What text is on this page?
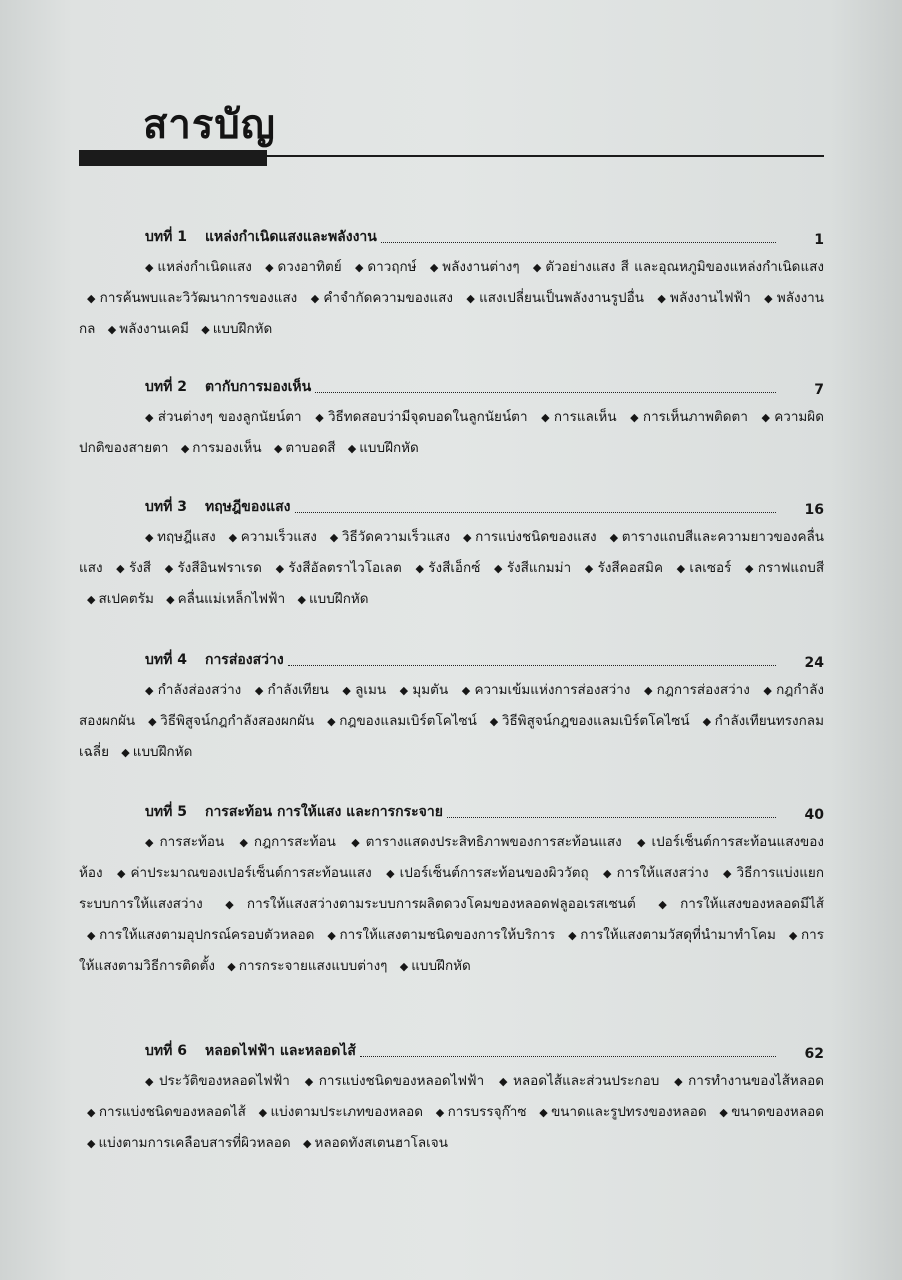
สารบัญ
บทที่ 1 แหล่งกำเนิดแสงและพลังงาน	1
◆ แหล่งกำเนิดแสง ◆ ดวงอาทิตย์ ◆ ดาวฤกษ์ ◆ พลังงานต่างๆ ◆ ตัวอย่างแสง สี และอุณหภูมิของแหล่งกำเนิดแสง ◆ การค้นพบและวิวัฒนาการของแสง ◆ คำจำกัดความของแสง ◆ แสงเปลี่ยนเป็นพลังงานรูปอื่น ◆ พลังงานไฟฟ้า ◆ พลังงานกล ◆ พลังงานเคมี ◆ แบบฝึกหัด
บทที่ 2 ตากับการมองเห็น	7
◆ ส่วนต่างๆ ของลูกนัยน์ตา ◆ วิธีทดสอบว่ามีจุดบอดในลูกนัยน์ตา ◆ การแลเห็น ◆ การเห็นภาพติดตา ◆ ความผิดปกติของสายตา ◆ การมองเห็น ◆ ตาบอดสี ◆ แบบฝึกหัด
บทที่ 3 ทฤษฎีของแสง	16
◆ ทฤษฎีแสง ◆ ความเร็วแสง ◆ วิธีวัดความเร็วแสง ◆ การแบ่งชนิดของแสง ◆ ตารางแถบสีและความยาวของคลื่นแสง ◆ รังสี ◆ รังสีอินฟราเรด ◆ รังสีอัลตราไวโอเลต ◆ รังสีเอ็กซ์ ◆ รังสีแกมม่า ◆ รังสีคอสมิค ◆ เลเซอร์ ◆ กราฟแถบสี ◆ สเปคตรัม ◆ คลื่นแม่เหล็กไฟฟ้า ◆ แบบฝึกหัด
บทที่ 4 การส่องสว่าง	24
◆ กำลังส่องสว่าง ◆ กำลังเทียน ◆ ลูเมน ◆ มุมตัน ◆ ความเข้มแห่งการส่องสว่าง ◆ กฎการส่องสว่าง ◆ กฎกำลังสองผกผัน ◆ วิธีพิสูจน์กฎกำลังสองผกผัน ◆ กฎของแลมเบิร์ตโคไซน์ ◆ วิธีพิสูจน์กฎของแลมเบิร์ตโคไซน์ ◆ กำลังเทียนทรงกลมเฉลี่ย ◆ แบบฝึกหัด
บทที่ 5 การสะท้อน การให้แสง และการกระจาย	40
◆ การสะท้อน ◆ กฎการสะท้อน ◆ ตารางแสดงประสิทธิภาพของการสะท้อนแสง ◆ เปอร์เซ็นต์การสะท้อนแสงของห้อง ◆ ค่าประมาณของเปอร์เซ็นต์การสะท้อนแสง ◆ เปอร์เซ็นต์การสะท้อนของผิววัตถุ ◆ การให้แสงสว่าง ◆ วิธีการแบ่งแยกระบบการให้แสงสว่าง ◆ การให้แสงสว่างตามระบบการผลิตดวงโคมของหลอดฟลูออเรสเซนต์ ◆ การให้แสงของหลอดมีไส้ ◆ การให้แสงตามอุปกรณ์ครอบตัวหลอด ◆ การให้แสงตามชนิดของการให้บริการ ◆ การให้แสงตามวัสดุที่นำมาทำโคม ◆ การให้แสงตามวิธีการติดตั้ง ◆ การกระจายแสงแบบต่างๆ ◆ แบบฝึกหัด
บทที่ 6 หลอดไฟฟ้า และหลอดไส้	62
◆ ประวัติของหลอดไฟฟ้า ◆ การแบ่งชนิดของหลอดไฟฟ้า ◆ หลอดไส้และส่วนประกอบ ◆ การทำงานของไส้หลอด ◆ การแบ่งชนิดของหลอดไส้ ◆ แบ่งตามประเภทของหลอด ◆ การบรรจุก๊าซ ◆ ขนาดและรูปทรงของหลอด ◆ ขนาดของหลอด ◆ แบ่งตามการเคลือบสารที่ผิวหลอด ◆ หลอดทังสเตนฮาโลเจน
